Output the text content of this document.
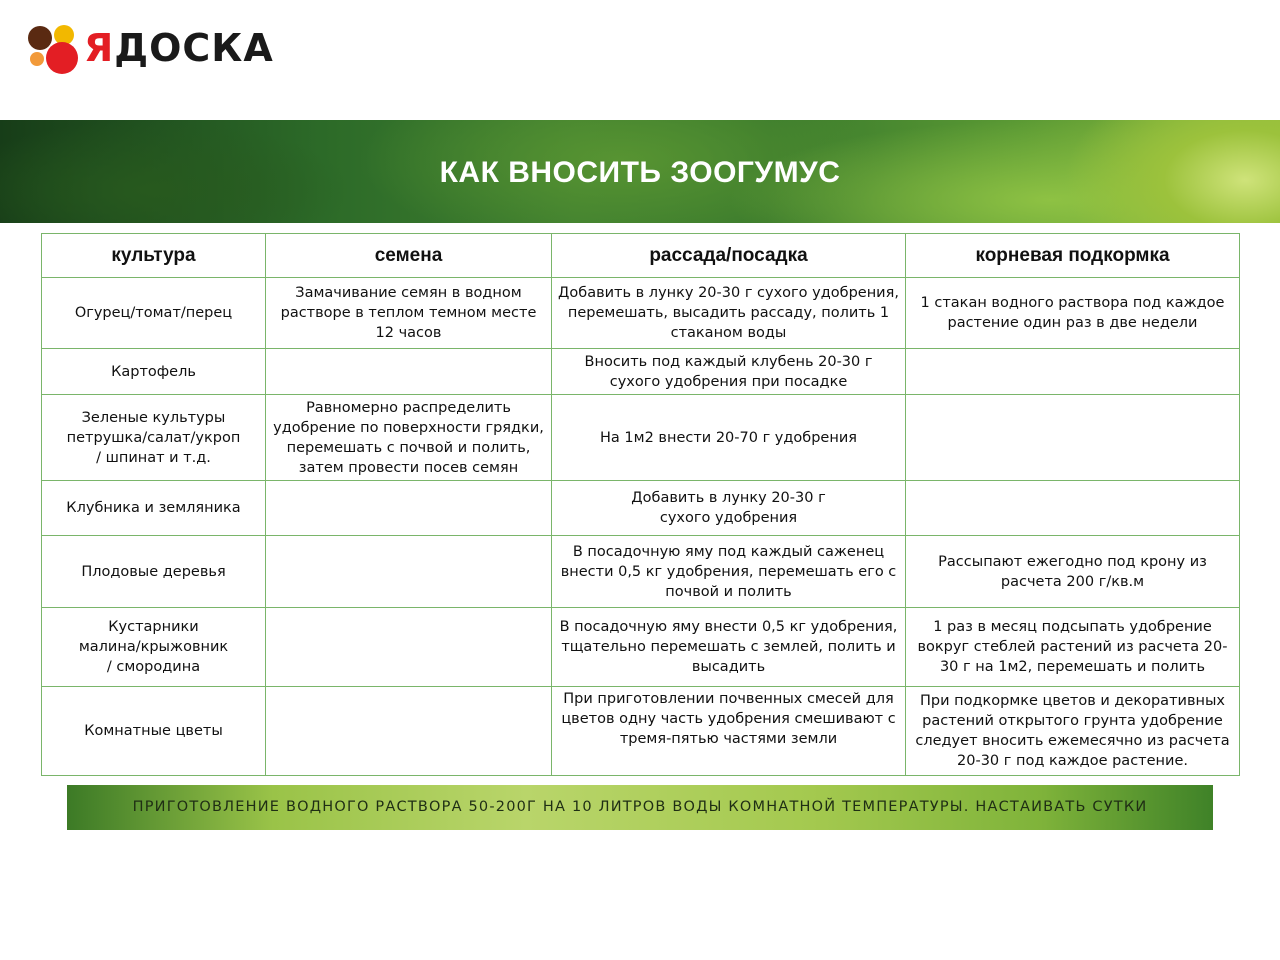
ЯДОСКА
КАК ВНОСИТЬ ЗООГУМУС
культура	семена	рассада/посадка	корневая подкормка

Огурец/томат/перец	Замачивание семян в водном растворе в теплом темном месте 12 часов	Добавить в лунку 20-30 г сухого удобрения, перемешать, высадить рассаду, полить 1 стаканом воды	1 стакан водного раствора под каждое растение один раз в две недели

Картофель		Вносить под каждый клубень 20-30 г
сухого удобрения при посадке	

Зеленые культуры
петрушка/салат/укроп
/ шпинат и т.д.	Равномерно распределить удобрение по поверхности грядки, перемешать с почвой и полить, затем провести посев семян	На 1м2 внести 20-70 г удобрения	

Клубника и земляника		Добавить в лунку 20-30 г
сухого удобрения	

Плодовые деревья		В посадочную яму под каждый саженец внести 0,5 кг удобрения, перемешать его с почвой и полить	Рассыпают ежегодно под крону из расчета 200 г/кв.м

Кустарники
малина/крыжовник
/ смородина		В посадочную яму внести 0,5 кг удобрения, тщательно перемешать с землей, полить и высадить	1 раз в месяц подсыпать удобрение вокруг стеблей растений из расчета 20-30 г на 1м2, перемешать и полить

Комнатные цветы		При приготовлении почвенных смесей для цветов одну часть удобрения смешивают с тремя-пятью частями земли	При подкормке цветов и декоративных растений открытого грунта удобрение следует вносить ежемесячно из расчета 20-30 г под каждое растение.
ПРИГОТОВЛЕНИЕ ВОДНОГО РАСТВОРА 50-200Г НА 10 ЛИТРОВ ВОДЫ КОМНАТНОЙ ТЕМПЕРАТУРЫ. НАСТАИВАТЬ СУТКИ
